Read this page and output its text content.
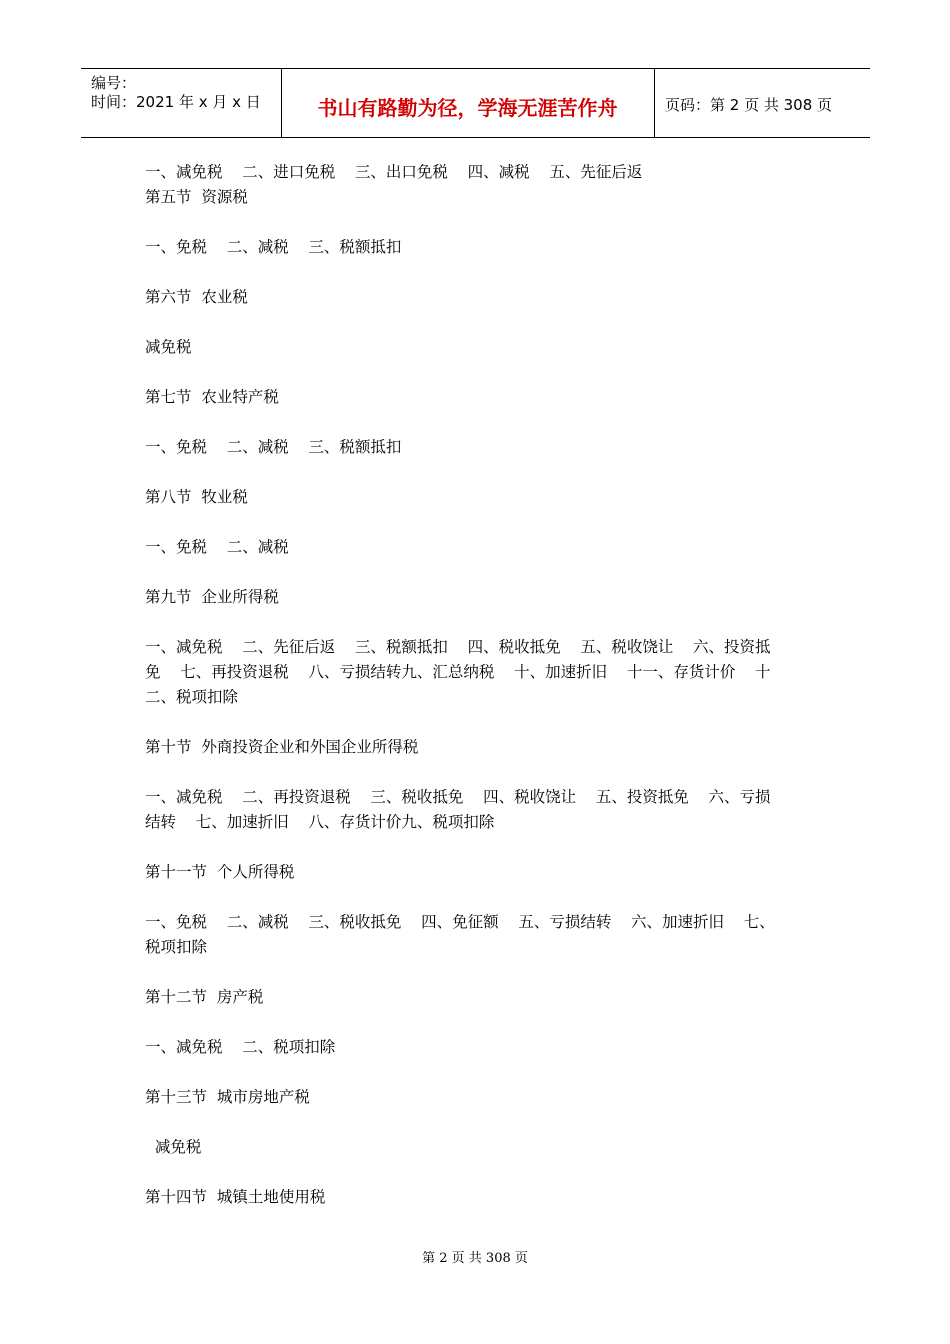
编号：
时间：2021 年 x 月 x 日	书山有路勤为径，学海无涯苦作舟	页码：第 2 页 共 308 页

一、减免税    二、进口免税    三、出口免税    四、减税    五、先征后返

第五节  资源税

一、免税    二、减税    三、税额抵扣

第六节  农业税

减免税

第七节  农业特产税

一、免税    二、减税    三、税额抵扣

第八节  牧业税

一、免税    二、减税

第九节  企业所得税

一、减免税    二、先征后返    三、税额抵扣    四、税收抵免    五、税收饶让    六、投资抵

免    七、再投资退税    八、亏损结转九、汇总纳税    十、加速折旧    十一、存货计价    十

二、税项扣除

第十节  外商投资企业和外国企业所得税

一、减免税    二、再投资退税    三、税收抵免    四、税收饶让    五、投资抵免    六、亏损

结转    七、加速折旧    八、存货计价九、税项扣除

第十一节  个人所得税

一、免税    二、减税    三、税收抵免    四、免征额    五、亏损结转    六、加速折旧    七、

税项扣除

第十二节  房产税

一、减免税    二、税项扣除

第十三节  城市房地产税

减免税

第十四节  城镇土地使用税

第 2 页 共 308 页
